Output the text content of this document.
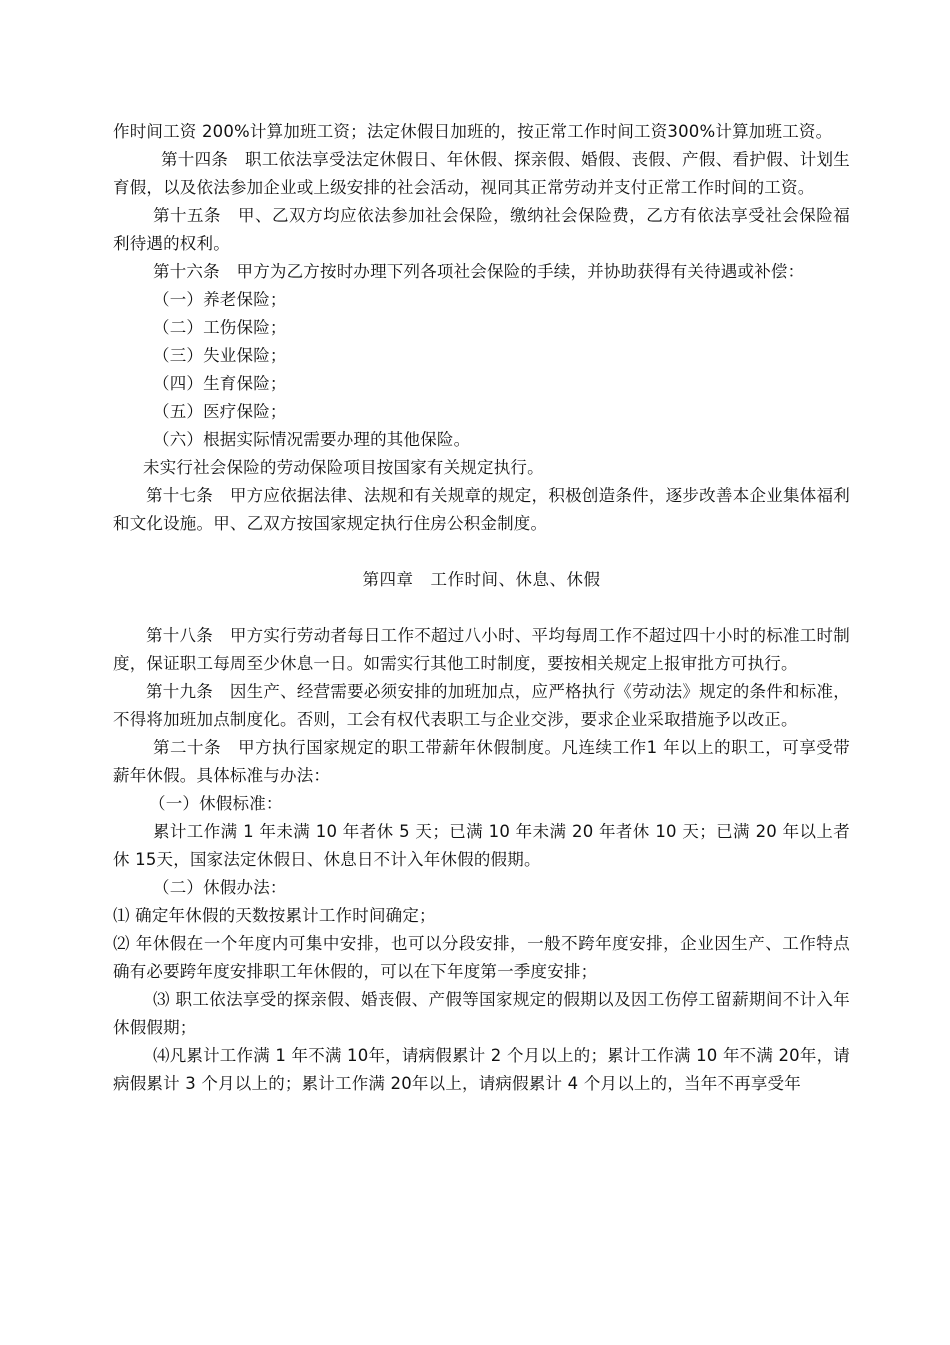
作时间工资 200%计算加班工资；法定休假日加班的，按正常工作时间工资300%计算加班工资。
第十四条　职工依法享受法定休假日、年休假、探亲假、婚假、丧假、产假、看护假、计划生育假，以及依法参加企业或上级安排的社会活动，视同其正常劳动并支付正常工作时间的工资。
第十五条　甲、乙双方均应依法参加社会保险，缴纳社会保险费，乙方有依法享受社会保险福利待遇的权利。
第十六条　甲方为乙方按时办理下列各项社会保险的手续，并协助获得有关待遇或补偿：
（一）养老保险；
（二）工伤保险；
（三）失业保险；
（四）生育保险；
（五）医疗保险；
（六）根据实际情况需要办理的其他保险。
未实行社会保险的劳动保险项目按国家有关规定执行。
第十七条　甲方应依据法律、法规和有关规章的规定，积极创造条件，逐步改善本企业集体福利和文化设施。甲、乙双方按国家规定执行住房公积金制度。
第四章　工作时间、休息、休假
第十八条　甲方实行劳动者每日工作不超过八小时、平均每周工作不超过四十小时的标准工时制度，保证职工每周至少休息一日。如需实行其他工时制度，要按相关规定上报审批方可执行。
第十九条　因生产、经营需要必须安排的加班加点，应严格执行《劳动法》规定的条件和标准，不得将加班加点制度化。否则，工会有权代表职工与企业交涉，要求企业采取措施予以改正。
第二十条　甲方执行国家规定的职工带薪年休假制度。凡连续工作1 年以上的职工，可享受带薪年休假。具体标准与办法：
（一）休假标准：
累计工作满 1 年未满 10 年者休 5 天；已满 10 年未满 20 年者休 10 天；已满 20 年以上者休 15天，国家法定休假日、休息日不计入年休假的假期。
（二）休假办法：
⑴ 确定年休假的天数按累计工作时间确定；
⑵ 年休假在一个年度内可集中安排，也可以分段安排，一般不跨年度安排，企业因生产、工作特点确有必要跨年度安排职工年休假的，可以在下年度第一季度安排；
⑶ 职工依法享受的探亲假、婚丧假、产假等国家规定的假期以及因工伤停工留薪期间不计入年休假假期；
⑷凡累计工作满 1 年不满 10年，请病假累计 2 个月以上的；累计工作满 10 年不满 20年，请病假累计 3 个月以上的；累计工作满 20年以上，请病假累计 4 个月以上的，当年不再享受年
